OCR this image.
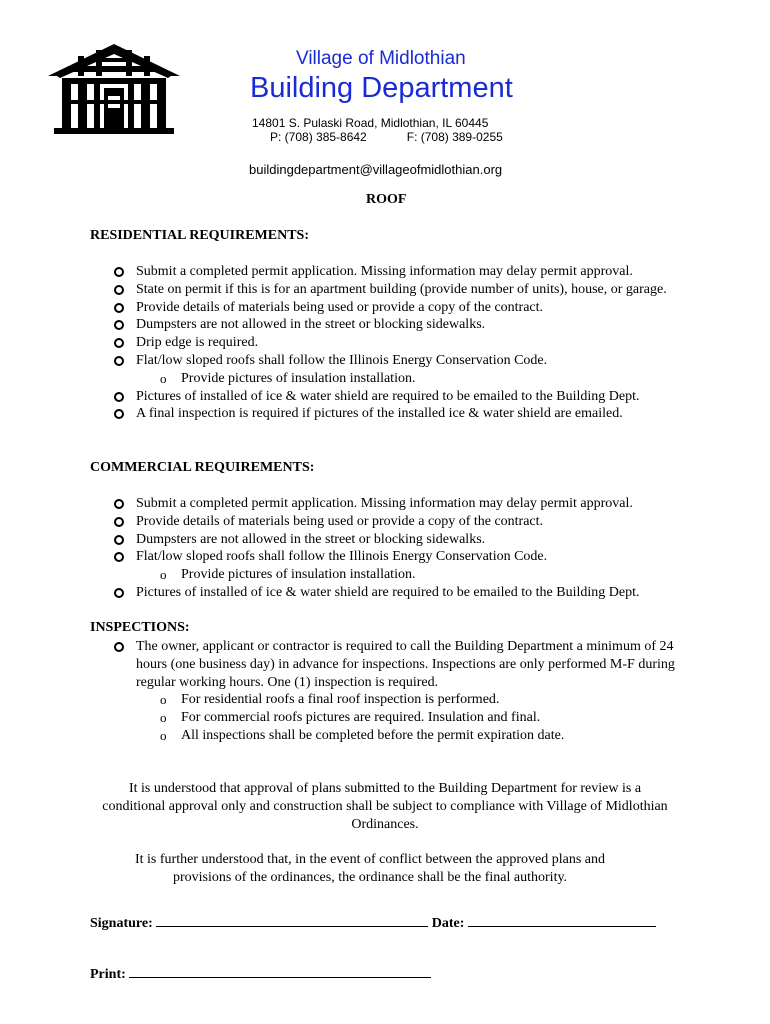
Village of Midlothian
Building Department
14801 S. Pulaski Road, Midlothian, IL 60445
P: (708) 385-8642	F: (708) 389-0255
buildingdepartment@villageofmidlothian.org
ROOF
RESIDENTIAL REQUIREMENTS:
Submit a completed permit application. Missing information may delay permit approval.
State on permit if this is for an apartment building (provide number of units), house, or garage.
Provide details of materials being used or provide a copy of the contract.
Dumpsters are not allowed in the street or blocking sidewalks.
Drip edge is required.
Flat/low sloped roofs shall follow the Illinois Energy Conservation Code.
o Provide pictures of insulation installation.
Pictures of installed of ice & water shield are required to be emailed to the Building Dept.
A final inspection is required if pictures of the installed ice & water shield are emailed.
COMMERCIAL REQUIREMENTS:
Submit a completed permit application. Missing information may delay permit approval.
Provide details of materials being used or provide a copy of the contract.
Dumpsters are not allowed in the street or blocking sidewalks.
Flat/low sloped roofs shall follow the Illinois Energy Conservation Code.
o Provide pictures of insulation installation.
Pictures of installed of ice & water shield are required to be emailed to the Building Dept.
INSPECTIONS:
The owner, applicant or contractor is required to call the Building Department a minimum of 24 hours (one business day) in advance for inspections. Inspections are only performed M-F during regular working hours. One (1) inspection is required.
o For residential roofs a final roof inspection is performed.
o For commercial roofs pictures are required. Insulation and final.
o All inspections shall be completed before the permit expiration date.
It is understood that approval of plans submitted to the Building Department for review is a conditional approval only and construction shall be subject to compliance with Village of Midlothian Ordinances.
It is further understood that, in the event of conflict between the approved plans and provisions of the ordinances, the ordinance shall be the final authority.
Signature:	Date:
Print:
